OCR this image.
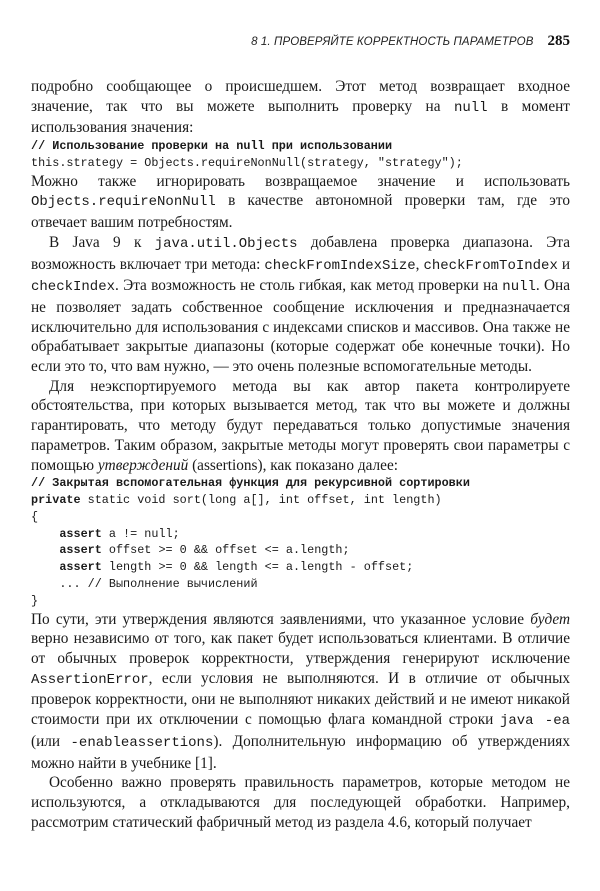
8 1. ПРОВЕРЯЙТЕ КОРРЕКТНОСТЬ ПАРАМЕТРОВ 285

подробно сообщающее о происшедшем. Этот метод возвращает входное значение, так что вы можете выполнить проверку на null в момент использования значения:

// Использование проверки на null при использовании
this.strategy = Objects.requireNonNull(strategy, "strategy");

Можно также игнорировать возвращаемое значение и использовать Objects.requireNonNull в качестве автономной проверки там, где это отвечает вашим потребностям.

В Java 9 к java.util.Objects добавлена проверка диапазона. Эта возможность включает три метода: checkFromIndexSize, checkFromToIndex и checkIndex. Эта возможность не столь гибкая, как метод проверки на null. Она не позволяет задать собственное сообщение исключения и предназначается исключительно для использования с индексами списков и массивов. Она также не обрабатывает закрытые диапазоны (которые содержат обе конечные точки). Но если это то, что вам нужно, — это очень полезные вспомогательные методы.

Для неэкспортируемого метода вы как автор пакета контролируете обстоятельства, при которых вызывается метод, так что вы можете и должны гарантировать, что методу будут передаваться только допустимые значения параметров. Таким образом, закрытые методы могут проверять свои параметры с помощью утверждений (assertions), как показано далее:

// Закрытая вспомогательная функция для рекурсивной сортировки
private static void sort(long a[], int offset, int length)
{
assert a != null;
assert offset >= 0 && offset <= a.length;
assert length >= 0 && length <= a.length - offset;
... // Выполнение вычислений
}

По сути, эти утверждения являются заявлениями, что указанное условие будет верно независимо от того, как пакет будет использоваться клиентами. В отличие от обычных проверок корректности, утверждения генерируют исключение AssertionError, если условия не выполняются. И в отличие от обычных проверок корректности, они не выполняют никаких действий и не имеют никакой стоимости при их отключении с помощью флага командной строки java -ea (или -enableassertions). Дополнительную информацию об утверждениях можно найти в учебнике [1].

Особенно важно проверять правильность параметров, которые методом не используются, а откладываются для последующей обработки. Например, рассмотрим статический фабричный метод из раздела 4.6, который получает
